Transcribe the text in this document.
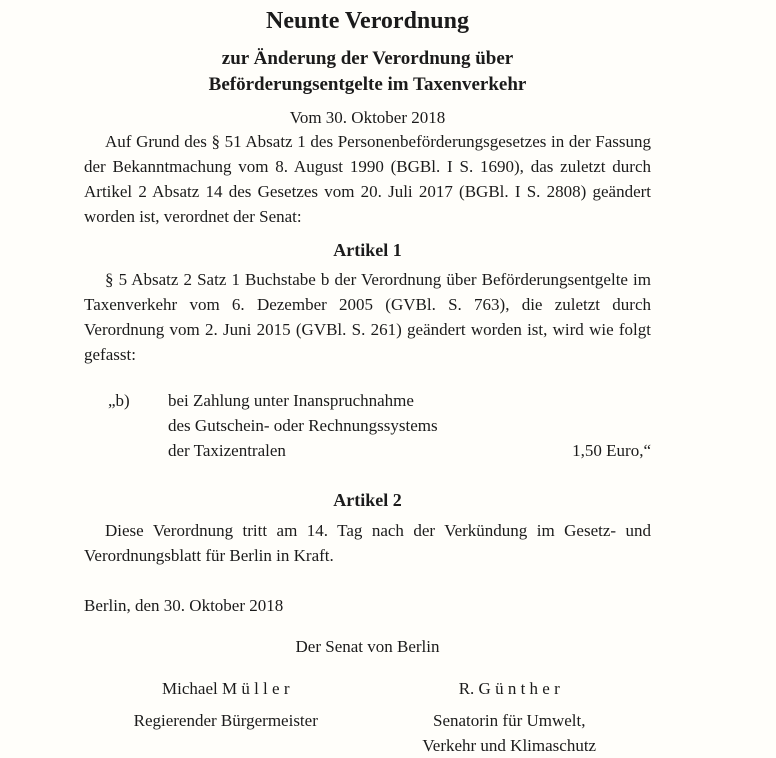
Neunte Verordnung
zur Änderung der Verordnung über
Beförderungsentgelte im Taxenverkehr
Vom 30. Oktober 2018

Auf Grund des § 51 Absatz 1 des Personenbeförderungsgesetzes in der Fassung der Bekanntmachung vom 8. August 1990 (BGBl. I S. 1690), das zuletzt durch Artikel 2 Absatz 14 des Gesetzes vom 20. Juli 2017 (BGBl. I S. 2808) geändert worden ist, verordnet der Senat:

Artikel 1

§ 5 Absatz 2 Satz 1 Buchstabe b der Verordnung über Beförderungsentgelte im Taxenverkehr vom 6. Dezember 2005 (GVBl. S. 763), die zuletzt durch Verordnung vom 2. Juni 2015 (GVBl. S. 261) geändert worden ist, wird wie folgt gefasst:

„b)	bei Zahlung unter Inanspruchnahme
des Gutschein- oder Rechnungssystems
der Taxizentralen	1,50 Euro,“
Artikel 2

Diese Verordnung tritt am 14. Tag nach der Verkündung im Gesetz- und Verordnungsblatt für Berlin in Kraft.

Berlin, den 30. Oktober 2018
Der Senat von Berlin
Michael M ü l l e r
Regierender Bürgermeister
R. G ü n t h e r
Senatorin für Umwelt,
Verkehr und Klimaschutz
